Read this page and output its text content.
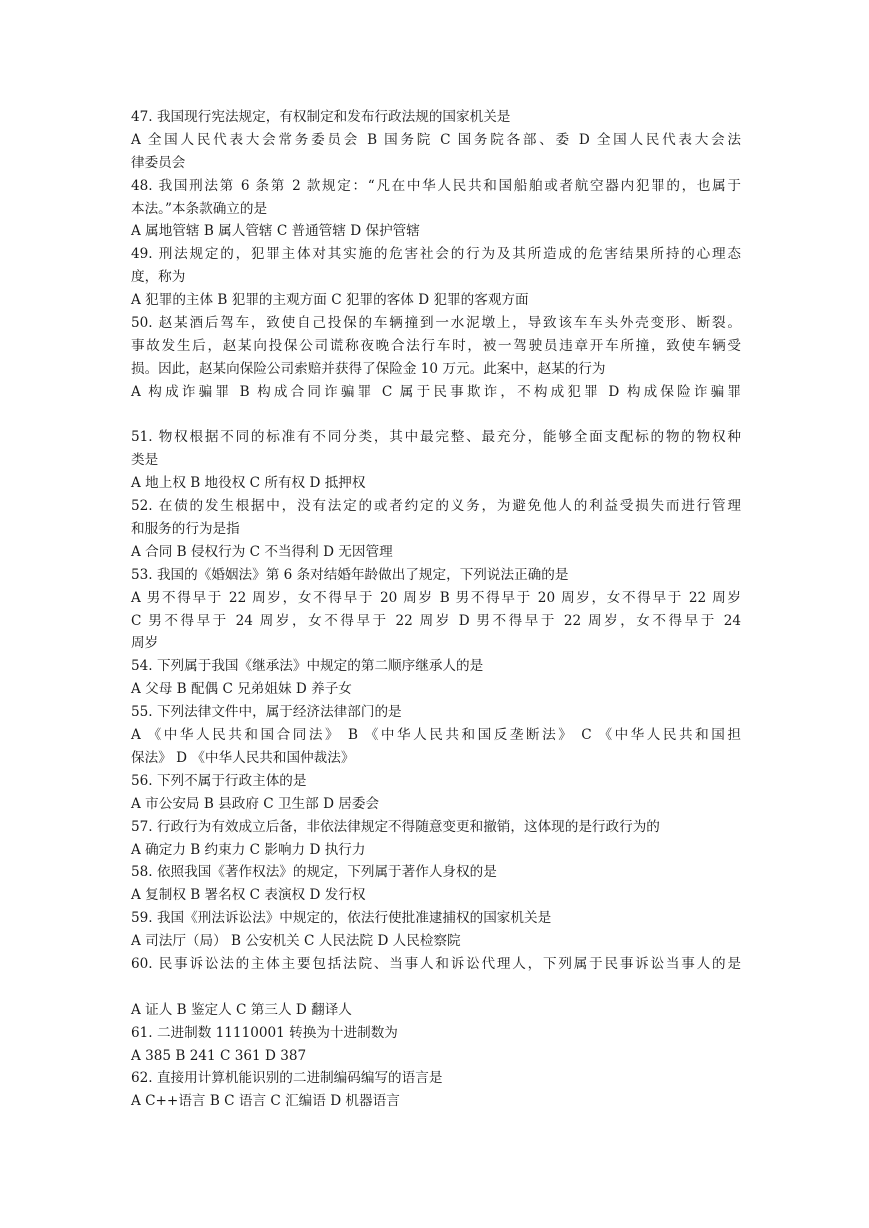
47. 我国现行宪法规定，有权制定和发布行政法规的国家机关是
A 全国人民代表大会常务委员会 B 国务院 C 国务院各部、委 D 全国人民代表大会法
律委员会
48. 我国刑法第 6 条第 2 款规定：“凡在中华人民共和国船舶或者航空器内犯罪的，也属于
本法。”本条款确立的是
A 属地管辖 B 属人管辖 C 普通管辖 D 保护管辖
49. 刑法规定的，犯罪主体对其实施的危害社会的行为及其所造成的危害结果所持的心理态
度，称为
A 犯罪的主体 B 犯罪的主观方面 C 犯罪的客体 D 犯罪的客观方面
50. 赵某酒后驾车，致使自己投保的车辆撞到一水泥墩上，导致该车车头外壳变形、断裂。
事故发生后，赵某向投保公司谎称夜晚合法行车时，被一驾驶员违章开车所撞，致使车辆受
损。因此，赵某向保险公司索赔并获得了保险金 10 万元。此案中，赵某的行为
A 构成诈骗罪 B 构成合同诈骗罪 C 属于民事欺诈，不构成犯罪 D 构成保险诈骗罪
51. 物权根据不同的标准有不同分类，其中最完整、最充分，能够全面支配标的物的物权种
类是
A 地上权 B 地役权 C 所有权 D 抵押权
52. 在债的发生根据中，没有法定的或者约定的义务，为避免他人的利益受损失而进行管理
和服务的行为是指
A 合同 B 侵权行为 C 不当得利 D 无因管理
53. 我国的《婚姻法》第 6 条对结婚年龄做出了规定，下列说法正确的是
A 男不得早于 22 周岁，女不得早于 20 周岁 B 男不得早于 20 周岁，女不得早于 22 周岁
C 男不得早于 24 周岁，女不得早于 22 周岁 D 男不得早于 22 周岁，女不得早于 24
周岁
54. 下列属于我国《继承法》中规定的第二顺序继承人的是
A 父母 B 配偶 C 兄弟姐妹 D 养子女
55. 下列法律文件中，属于经济法律部门的是
A 《中华人民共和国合同法》 B 《中华人民共和国反垄断法》 C 《中华人民共和国担
保法》 D 《中华人民共和国仲裁法》
56. 下列不属于行政主体的是
A 市公安局 B 县政府 C 卫生部 D 居委会
57. 行政行为有效成立后备，非依法律规定不得随意变更和撤销，这体现的是行政行为的
A 确定力 B 约束力 C 影响力 D 执行力
58. 依照我国《著作权法》的规定，下列属于著作人身权的是
A 复制权 B 署名权 C 表演权 D 发行权
59. 我国《刑法诉讼法》中规定的，依法行使批准逮捕权的国家机关是
A 司法厅（局） B 公安机关 C 人民法院 D 人民检察院
60. 民事诉讼法的主体主要包括法院、当事人和诉讼代理人，下列属于民事诉讼当事人的是
A 证人 B 鉴定人 C 第三人 D 翻译人
61. 二进制数 11110001 转换为十进制数为
A 385 B 241 C 361 D 387
62. 直接用计算机能识别的二进制编码编写的语言是
A C++语言 B C 语言 C 汇编语 D 机器语言
